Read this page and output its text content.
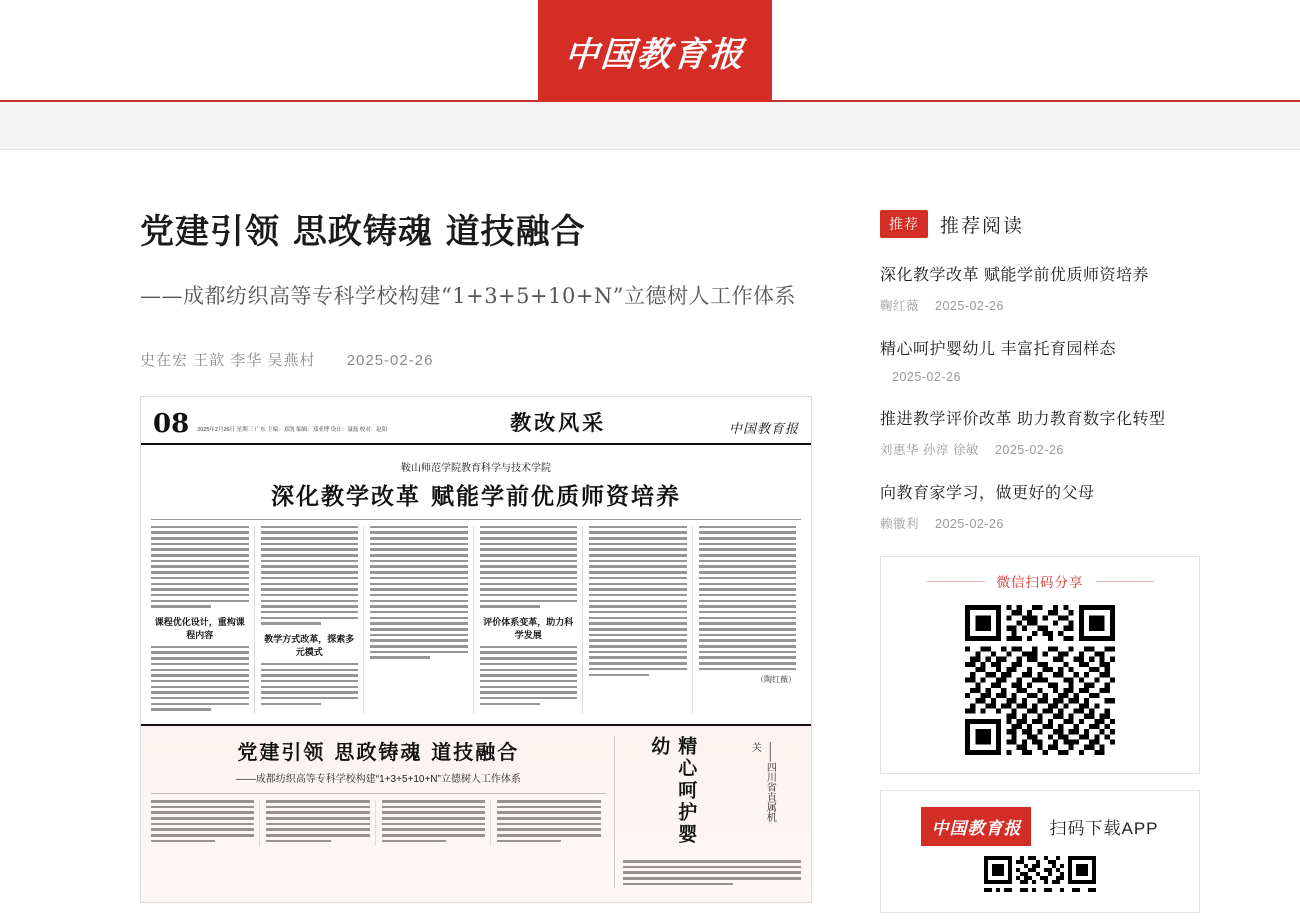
中国教育报
党建引领 思政铸魂 道技融合
——成都纺织高等专科学校构建“1+3+5+10+N”立德树人工作体系
史在宏 王歆 李华 吴燕村 2025-02-26
08 2025年2月26日 星期三 广东 主编：邓凯 编辑：郑亚博 设计：聂磊 校对：赵阳	教改风采	中国教育报
鞍山师范学院教育科学与技术学院
深化教学改革 赋能学前优质师资培养
课程优化设计，重构课程内容	教学方式改革，探索多元模式
评价体系变革，助力科学发展
（陶红薇）
党建引领 思政铸魂 道技融合
——成都纺织高等专科学校构建“1+3+5+10+N”立德树人工作体系	精心呵护婴幼	——四川省直属机关
推荐	推荐阅读
深化教学改革 赋能学前优质师资培养
鞠红薇 2025-02-26
精心呵护婴幼儿 丰富托育园样态
2025-02-26
推进教学评价改革 助力教育数字化转型
刘惠华 孙淳 徐敏 2025-02-26
向教育家学习，做更好的父母
赖徽利 2025-02-26
微信扫码分享
中国教育报	扫码下载APP
